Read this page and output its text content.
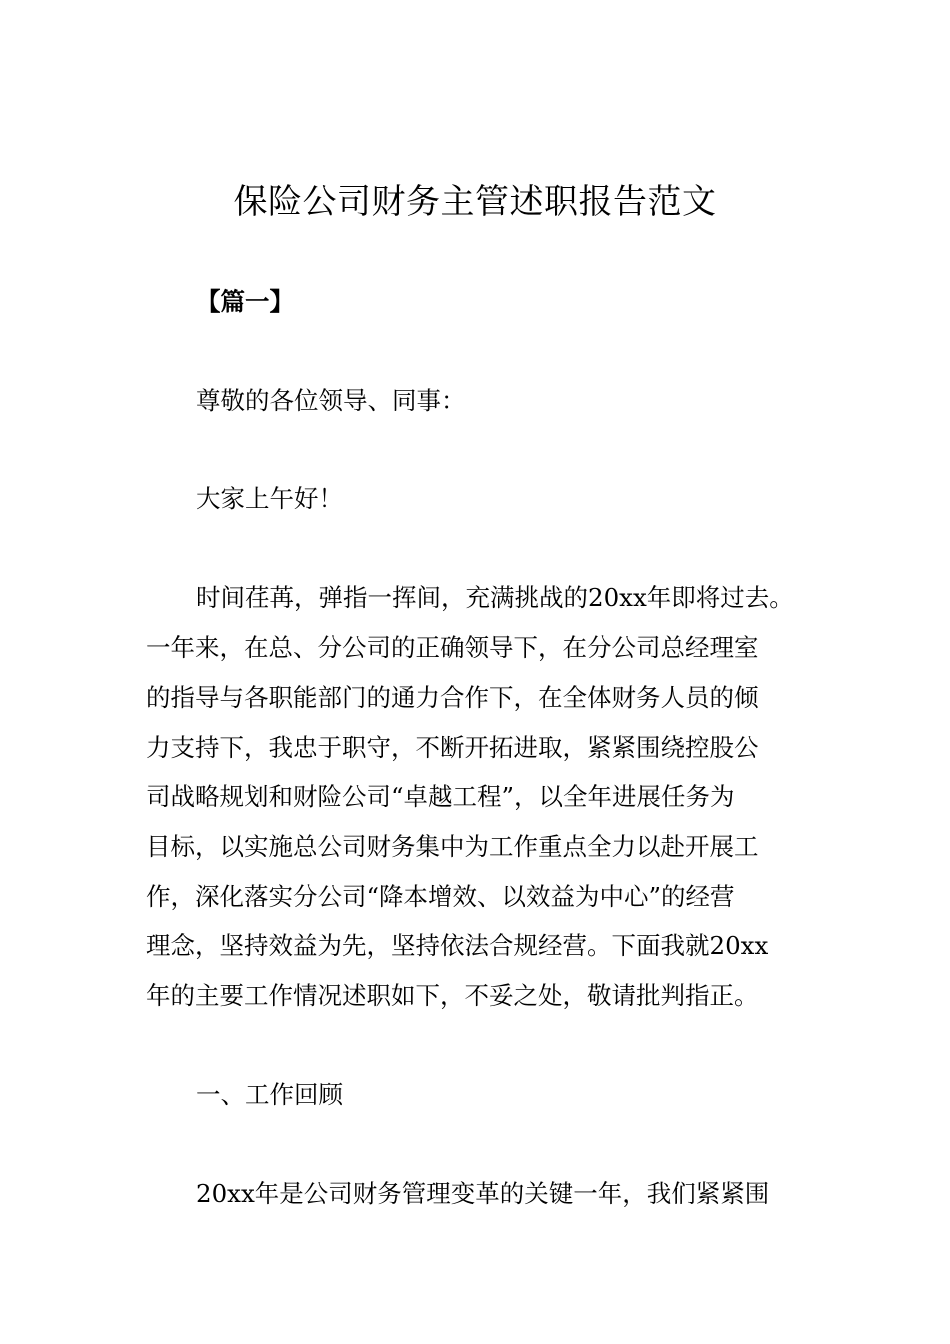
保险公司财务主管述职报告范文

【篇一】

尊敬的各位领导、同事：

大家上午好！

时间荏苒，弹指一挥间，充满挑战的20xx年即将过去。

一年来，在总、分公司的正确领导下，在分公司总经理室

的指导与各职能部门的通力合作下，在全体财务人员的倾

力支持下，我忠于职守，不断开拓进取，紧紧围绕控股公

司战略规划和财险公司“卓越工程”，以全年进展任务为

目标，以实施总公司财务集中为工作重点全力以赴开展工

作，深化落实分公司“降本增效、以效益为中心”的经营

理念，坚持效益为先，坚持依法合规经营。下面我就20xx

年的主要工作情况述职如下，不妥之处，敬请批判指正。

一、工作回顾

20xx年是公司财务管理变革的关键一年，我们紧紧围
